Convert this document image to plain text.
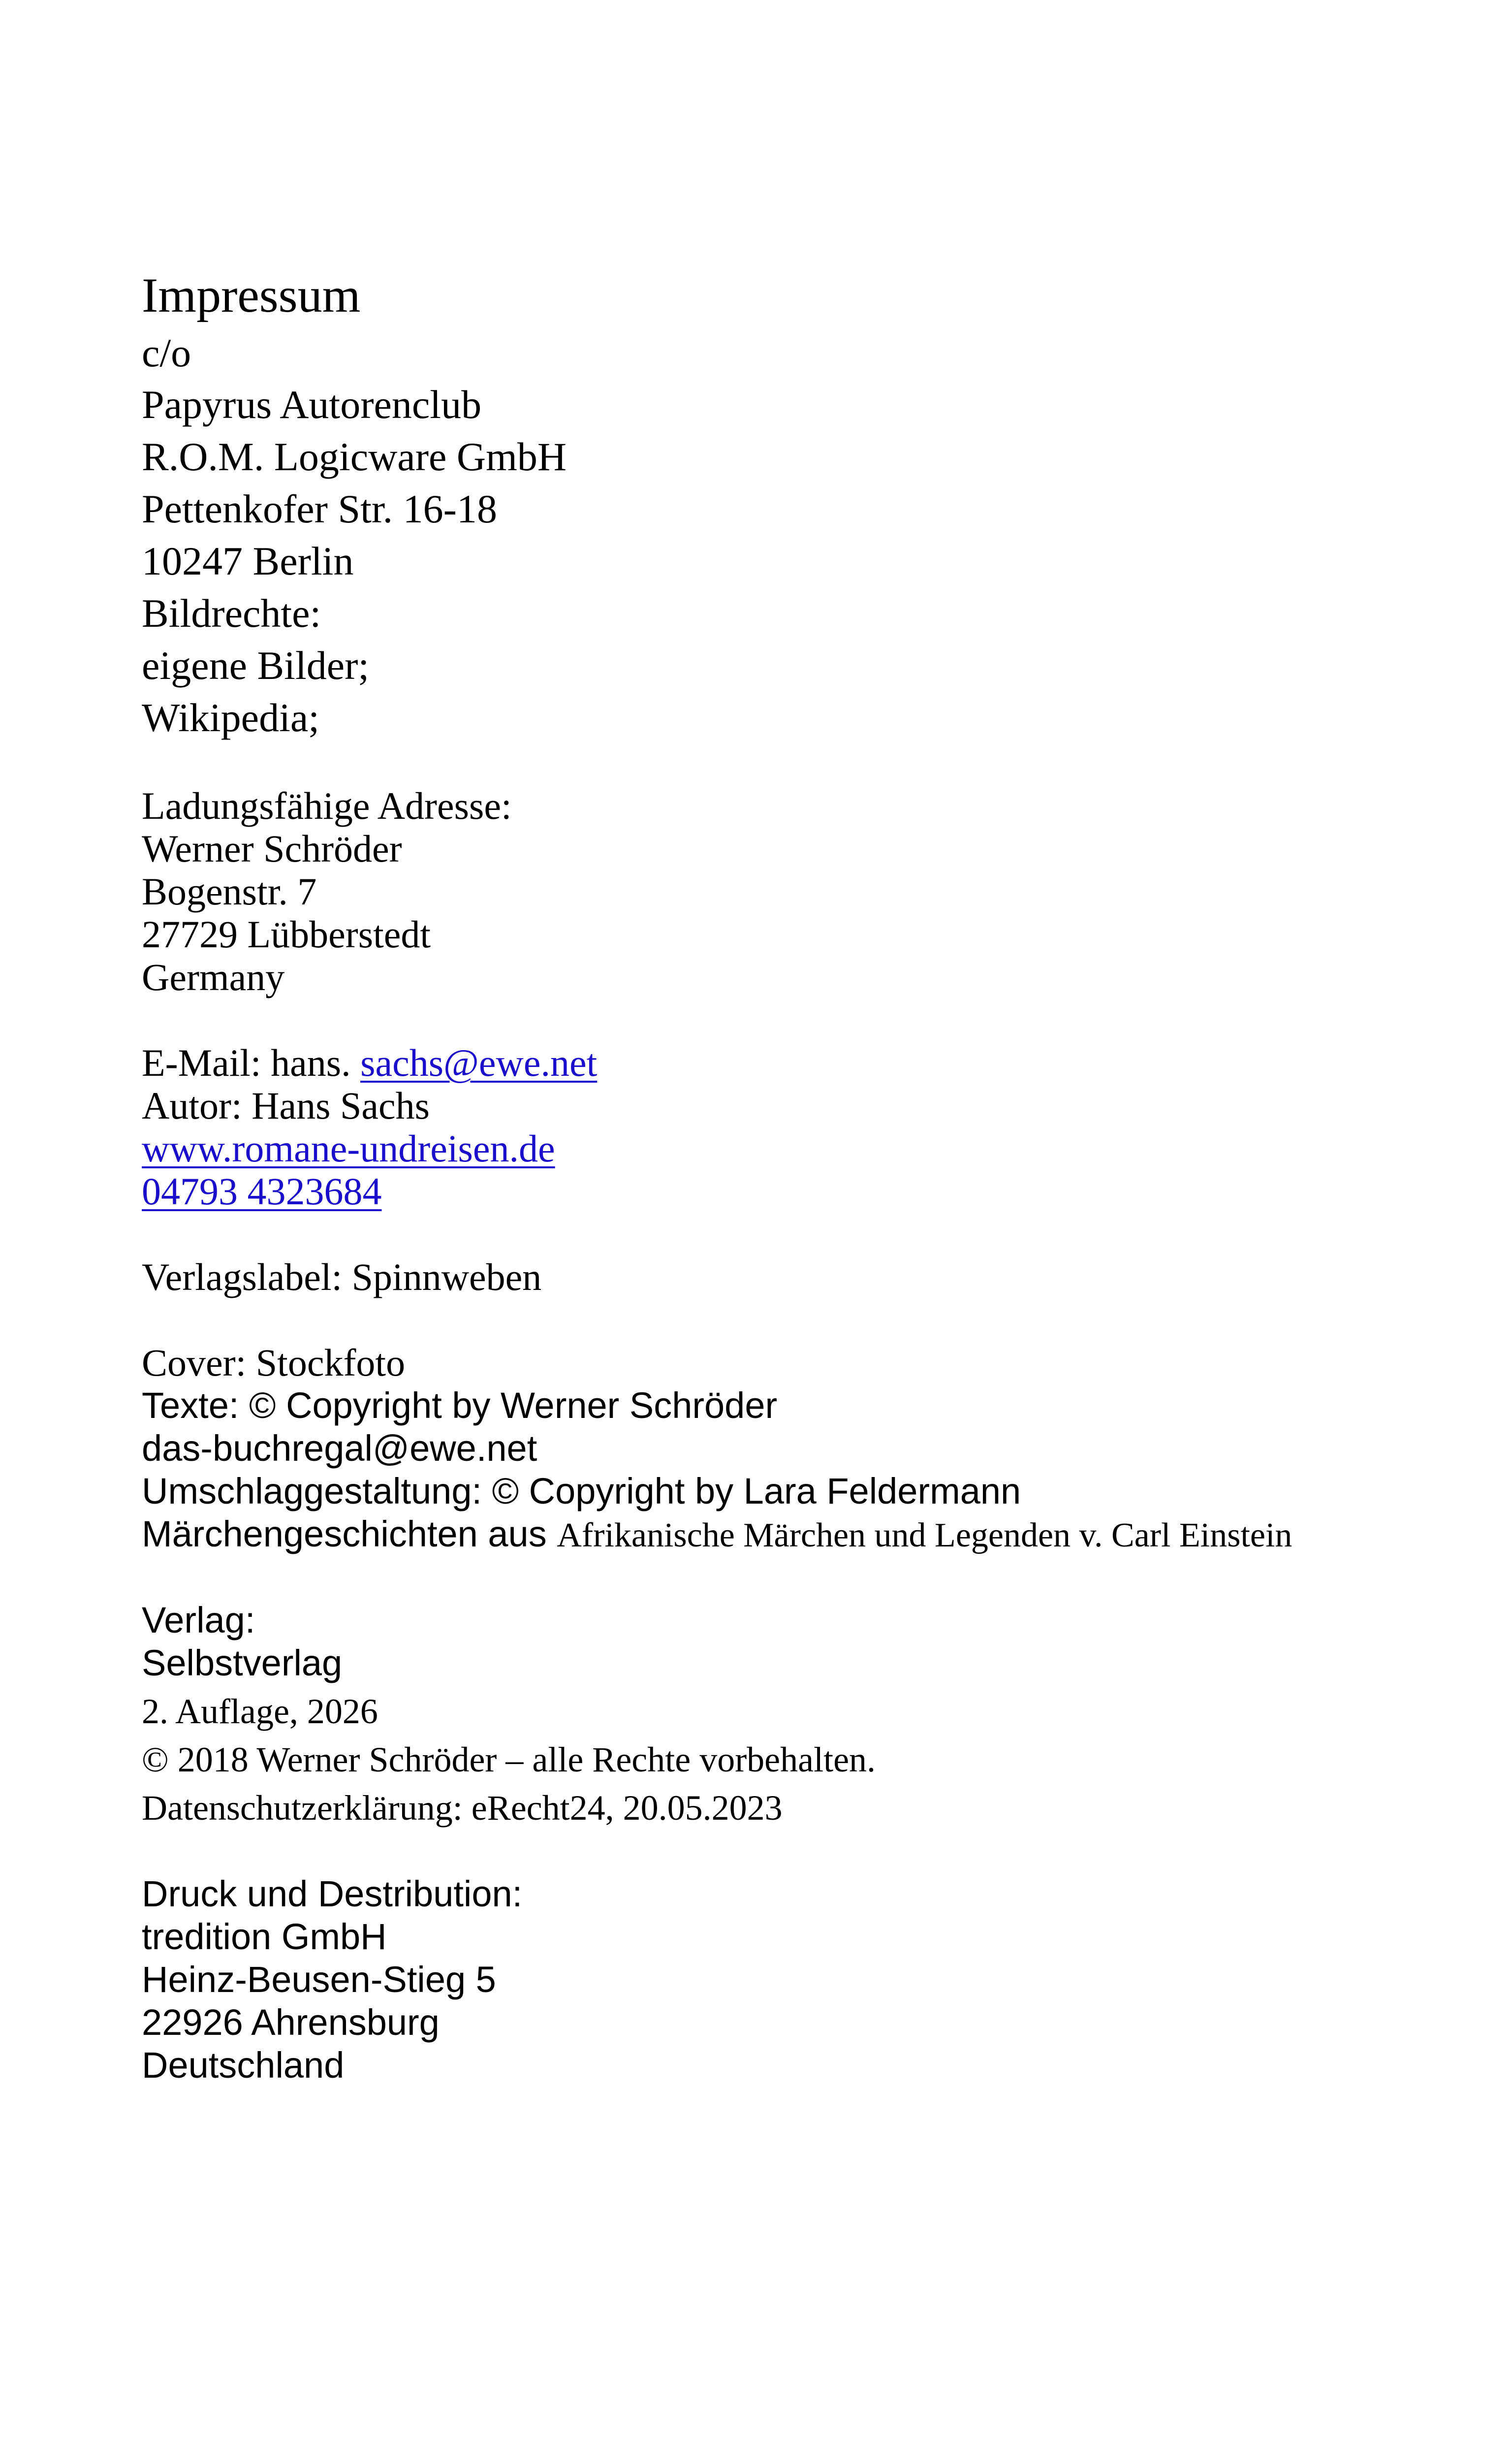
Impressum
c/o
Papyrus Autorenclub
R.O.M. Logicware GmbH
Pettenkofer Str. 16-18
10247 Berlin
Bildrechte:
eigene Bilder;
Wikipedia;
Ladungsfähige Adresse:
Werner Schröder
Bogenstr. 7
27729 Lübberstedt
Germany
E-Mail: hans. sachs@ewe.net
Autor: Hans Sachs
www.romane-undreisen.de
04793 4323684
Verlagslabel: Spinnweben
Cover: Stockfoto
Texte: © Copyright by Werner Schröder
das-buchregal@ewe.net
Umschlaggestaltung: © Copyright by Lara Feldermann
Märchengeschichten aus Afrikanische Märchen und Legenden v. Carl Einstein
Verlag:
Selbstverlag
2. Auflage, 2026
© 2018 Werner Schröder – alle Rechte vorbehalten.
Datenschutzerklärung: eRecht24, 20.05.2023
Druck und Destribution:
tredition GmbH
Heinz-Beusen-Stieg 5
22926 Ahrensburg
Deutschland
